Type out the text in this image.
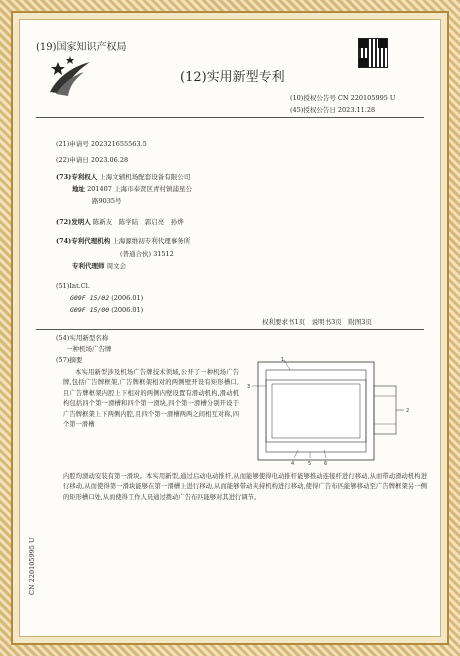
(19)国家知识产权局
(12)实用新型专利
(10)授权公告号 CN 220105995 U
(45)授权公告日 2023.11.28
(21)申请号 202321655563.5
(22)申请日 2023.06.28
(73)专利权人 上海文辅机场配套设备有限公司
地址 201407 上海市奉贤区青村镇浦星公
路9035号
(72)发明人 陈新友　陈学陆　郭启亮　孙烨
(74)专利代理机构 上海源维初专利代理事务所
(普通合伙) 31512
专利代理师 周文会
(51)Int.Cl.
G09F 15/02 (2006.01)
G09F 15/00 (2006.01)
权利要求书1页　说明书3页　附图3页
(54)实用新型名称
一种机场广告牌
(57)摘要
本实用新型涉及机场广告牌技术领域,公开了一种机场广告牌,包括广告牌框架,广告牌框架相对的两侧壁开设有矩形槽口,且广告牌框架内腔上下相对的两侧内壁设置有滑动机构,滑动机构包括四个第一滑槽和四个第一滑块,四个第一滑槽分别开设于广告牌框架上下两侧内腔,且四个第一滑槽两两之间相互对称,四个第一滑槽
内腔均滑动安装有第一滑块。本实用新型,通过启动电动推杆,从而能够使得电动推杆能够推动连接杆进行移动,从而带动滑动机构进行移动,从而使得第一滑块能够在第一滑槽上进行移动,从而能够带动夹持机构进行移动,使得广告布匹能够移动至广告牌框架另一侧的矩形槽口处,从而使得工作人员通过拨动广告布匹能够对其进行调节。
1
2
3
4	5	6
CN 220105995 U
